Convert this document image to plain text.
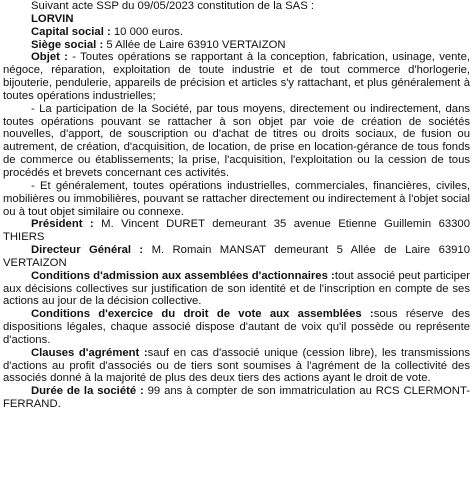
Suivant acte SSP du 09/05/2023 constitution de la SAS :

LORVIN

Capital social : 10 000 euros.

Siège social : 5 Allée de Laire 63910 VERTAIZON

Objet : - Toutes opérations se rapportant à la conception, fabrication, usinage, vente, négoce, réparation, exploitation de toute industrie et de tout commerce d'horlogerie, bijouterie, pendulerie, appareils de précision et articles s'y rattachant, et plus généralement à toutes opérations industrielles;

- La participation de la Société, par tous moyens, directement ou indirectement, dans toutes opérations pouvant se rattacher à son objet par voie de création de sociétés nouvelles, d'apport, de souscription ou d'achat de titres ou droits sociaux, de fusion ou autrement, de création, d'acquisition, de location, de prise en location-gérance de tous fonds de commerce ou établissements; la prise, l'acquisition, l'exploitation ou la cession de tous procédés et brevets concernant ces activités.

- Et généralement, toutes opérations industrielles, commerciales, financières, civiles, mobilières ou immobilières, pouvant se rattacher directement ou indirectement à l'objet social ou à tout objet similaire ou connexe.

Président : M. Vincent DURET demeurant 35 avenue Etienne Guillemin 63300 THIERS

Directeur Général : M. Romain MANSAT demeurant 5 Allée de Laire 63910 VERTAIZON

Conditions d'admission aux assemblées d'actionnaires :tout associé peut participer aux décisions collectives sur justification de son identité et de l'inscription en compte de ses actions au jour de la décision collective.

Conditions d'exercice du droit de vote aux assemblées :sous réserve des dispositions légales, chaque associé dispose d'autant de voix qu'il possède ou représente d'actions.

Clauses d'agrément :sauf en cas d'associé unique (cession libre), les transmissions d'actions au profit d'associés ou de tiers sont soumises à l'agrément de la collectivité des associés donné à la majorité de plus des deux tiers des actions ayant le droit de vote.

Durée de la société : 99 ans à compter de son immatriculation au RCS CLERMONT-FERRAND.
